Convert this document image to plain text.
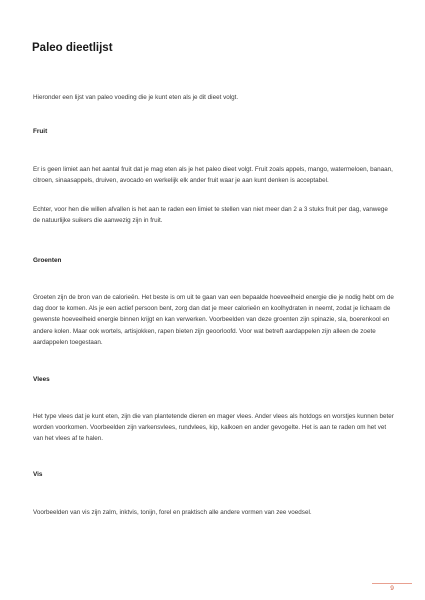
Paleo dieetlijst

Hieronder een lijst van paleo voeding die je kunt eten als je dit dieet volgt.

Fruit

Er is geen limiet aan het aantal fruit dat je mag eten als je het paleo dieet volgt. Fruit zoals appels, mango, watermeloen, banaan, citroen, sinaasappels, druiven, avocado en werkelijk elk ander fruit waar je aan kunt denken is acceptabel.

Echter, voor hen die willen afvallen is het aan te raden een limiet te stellen van niet meer dan 2 a 3 stuks fruit per dag, vanwege de natuurlijke suikers die aanwezig zijn in fruit.

Groenten

Groeten zijn de bron van de calorieën. Het beste is om uit te gaan van een bepaalde hoeveelheid energie die je nodig hebt om de dag door te komen. Als je een actief persoon bent, zorg dan dat je meer calorieën en koolhydraten in neemt, zodat je lichaam de gewenste hoeveelheid energie binnen krijgt en kan verwerken. Voorbeelden van deze groenten zijn spinazie, sla, boerenkool en andere kolen. Maar ook wortels, artisjokken, rapen bieten zijn geoorloofd. Voor wat betreft aardappelen zijn alleen de zoete aardappelen toegestaan.

Vlees

Het type vlees dat je kunt eten, zijn die van plantetende dieren en mager vlees. Ander vlees als hotdogs en worstjes kunnen beter worden voorkomen. Voorbeelden zijn varkensvlees, rundvlees, kip, kalkoen en ander gevogelte. Het is aan te raden om het vet van het vlees af te halen.

Vis

Voorbeelden van vis zijn zalm, inktvis, tonijn, forel en praktisch alle andere vormen van zee voedsel.

9
